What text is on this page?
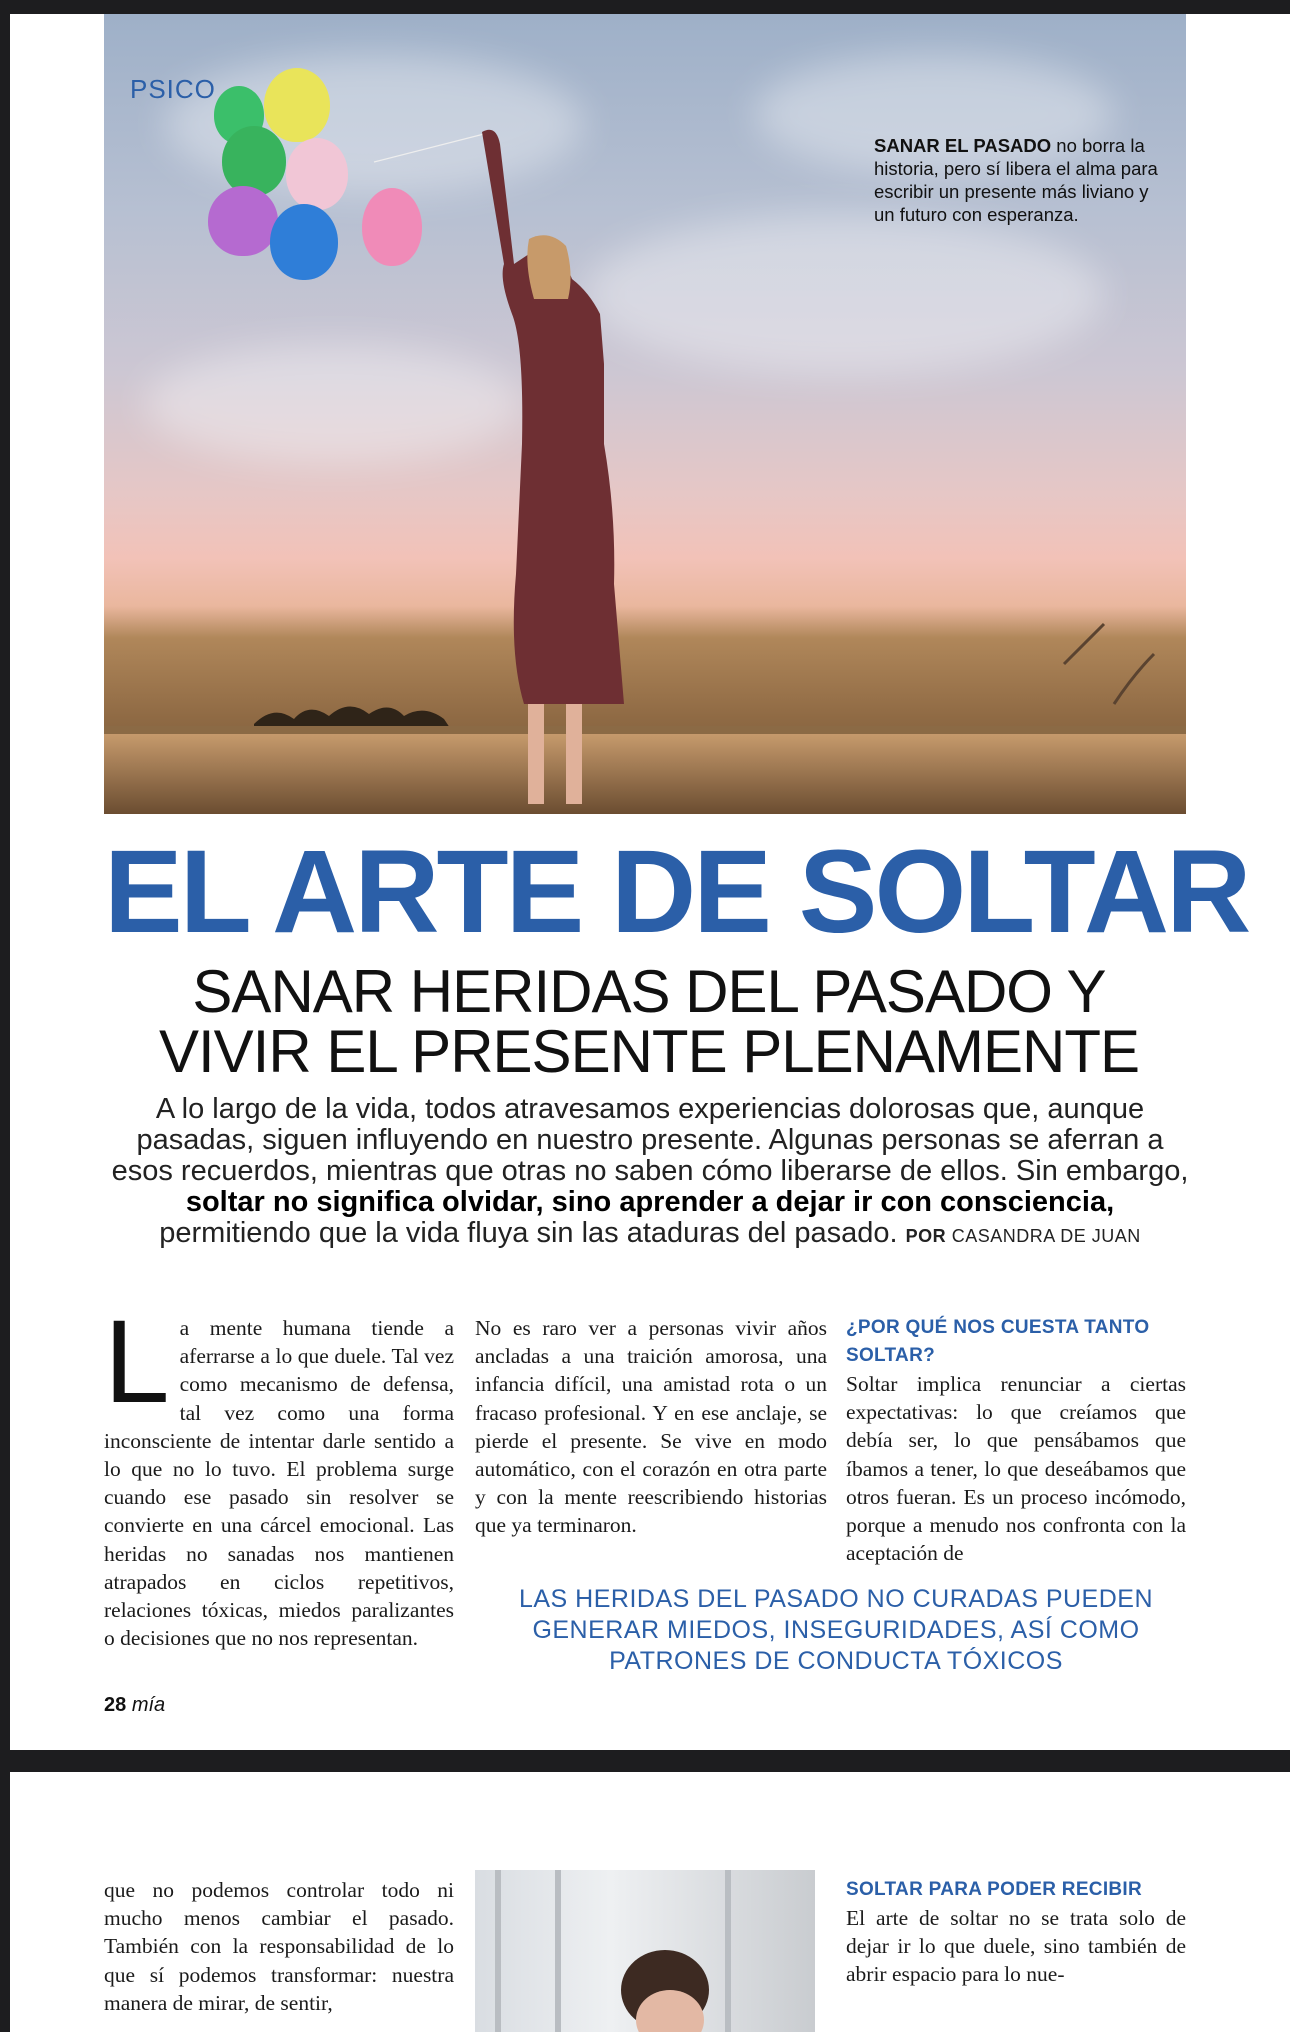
PSICO
SANAR EL PASADO no borra la historia, pero sí libera el alma para escribir un presente más liviano y un futuro con esperanza.
EL ARTE DE SOLTAR
SANAR HERIDAS DEL PASADO Y
VIVIR EL PRESENTE PLENAMENTE
A lo largo de la vida, todos atravesamos experiencias dolorosas que, aunque pasadas, siguen influyendo en nuestro presente. Algunas personas se aferran a esos recuerdos, mientras que otras no saben cómo liberarse de ellos. Sin embargo, soltar no significa olvidar, sino aprender a dejar ir con consciencia, permitiendo que la vida fluya sin las ataduras del pasado. POR CASANDRA DE JUAN
La mente humana tiende a aferrarse a lo que duele. Tal vez como mecanismo de defensa, tal vez como una forma inconsciente de intentar darle sentido a lo que no lo tuvo. El problema surge cuando ese pasado sin resolver se convierte en una cárcel emocional. Las heridas no sanadas nos mantienen atrapados en ciclos repetitivos, relaciones tóxicas, miedos paralizantes o decisiones que no nos representan.
No es raro ver a personas vivir años ancladas a una traición amorosa, una infancia difícil, una amistad rota o un fracaso profesional. Y en ese anclaje, se pierde el presente. Se vive en modo automático, con el corazón en otra parte y con la mente reescribiendo historias que ya terminaron.
¿POR QUÉ NOS CUESTA TANTO SOLTAR?
Soltar implica renunciar a ciertas expectativas: lo que creíamos que debía ser, lo que pensábamos que íbamos a tener, lo que deseábamos que otros fueran. Es un proceso incómodo, porque a menudo nos confronta con la aceptación de
LAS HERIDAS DEL PASADO NO CURADAS PUEDEN GENERAR MIEDOS, INSEGURIDADES, ASÍ COMO PATRONES DE CONDUCTA TÓXICOS
28 mía
que no podemos controlar todo ni mucho menos cambiar el pasado. También con la responsabilidad de lo que sí podemos transformar: nuestra manera de mirar, de sentir,
SOLTAR PARA PODER RECIBIR
El arte de soltar no se trata solo de dejar ir lo que duele, sino también de abrir espacio para lo nue-
